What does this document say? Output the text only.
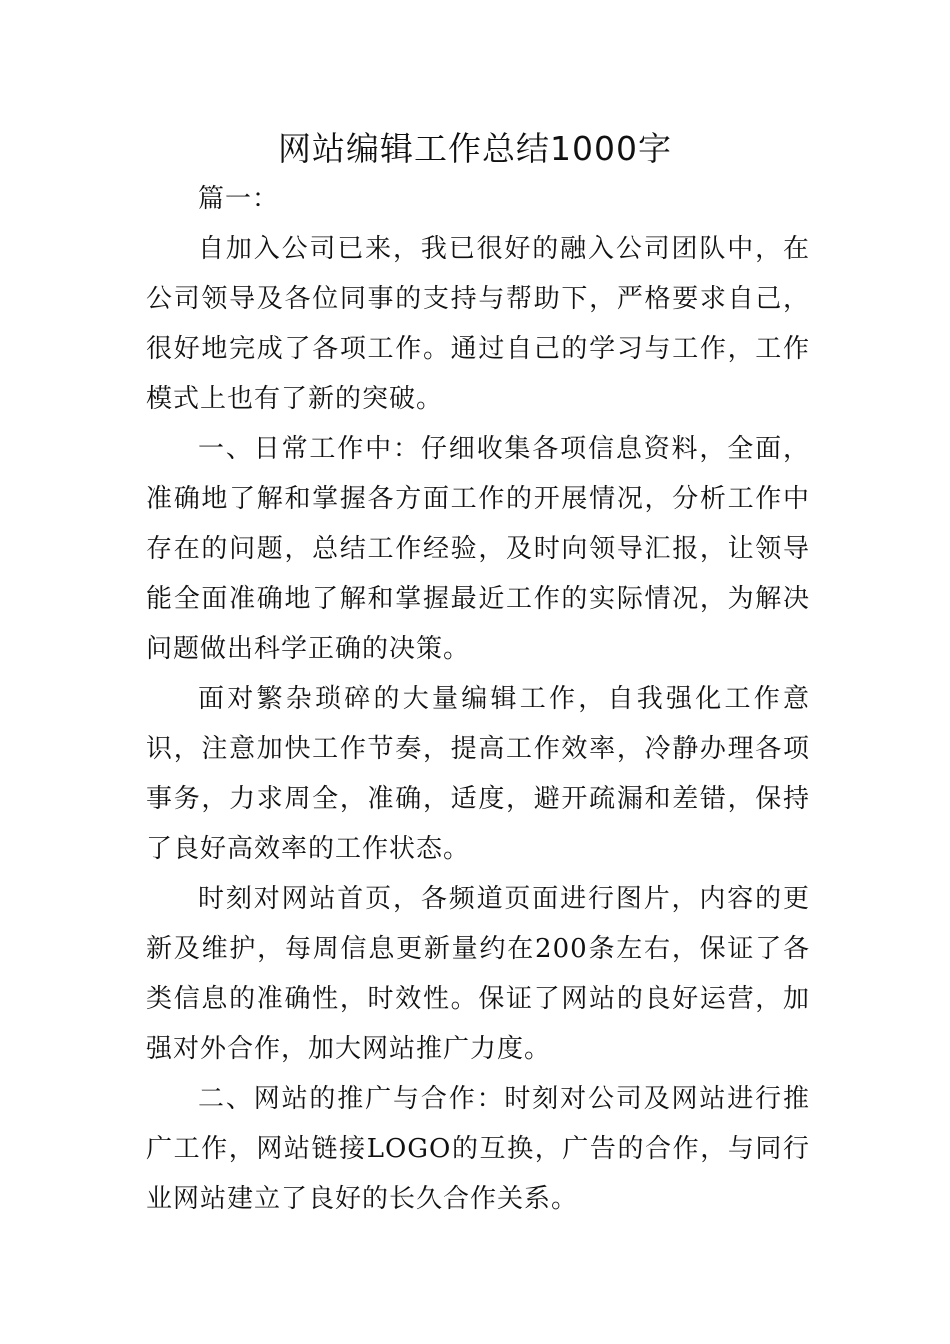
网站编辑工作总结1000字

篇一：

自加入公司已来，我已很好的融入公司团队中，在公司领导及各位同事的支持与帮助下，严格要求自己，很好地完成了各项工作。通过自己的学习与工作，工作模式上也有了新的突破。

一、日常工作中：仔细收集各项信息资料，全面，准确地了解和掌握各方面工作的开展情况，分析工作中存在的问题，总结工作经验，及时向领导汇报，让领导能全面准确地了解和掌握最近工作的实际情况，为解决问题做出科学正确的决策。

面对繁杂琐碎的大量编辑工作，自我强化工作意识，注意加快工作节奏，提高工作效率，冷静办理各项事务，力求周全，准确，适度，避开疏漏和差错，保持了良好高效率的工作状态。

时刻对网站首页，各频道页面进行图片，内容的更新及维护，每周信息更新量约在200条左右，保证了各类信息的准确性，时效性。保证了网站的良好运营，加强对外合作，加大网站推广力度。

二、网站的推广与合作：时刻对公司及网站进行推广工作，网站链接LOGO的互换，广告的合作，与同行业网站建立了良好的长久合作关系。
